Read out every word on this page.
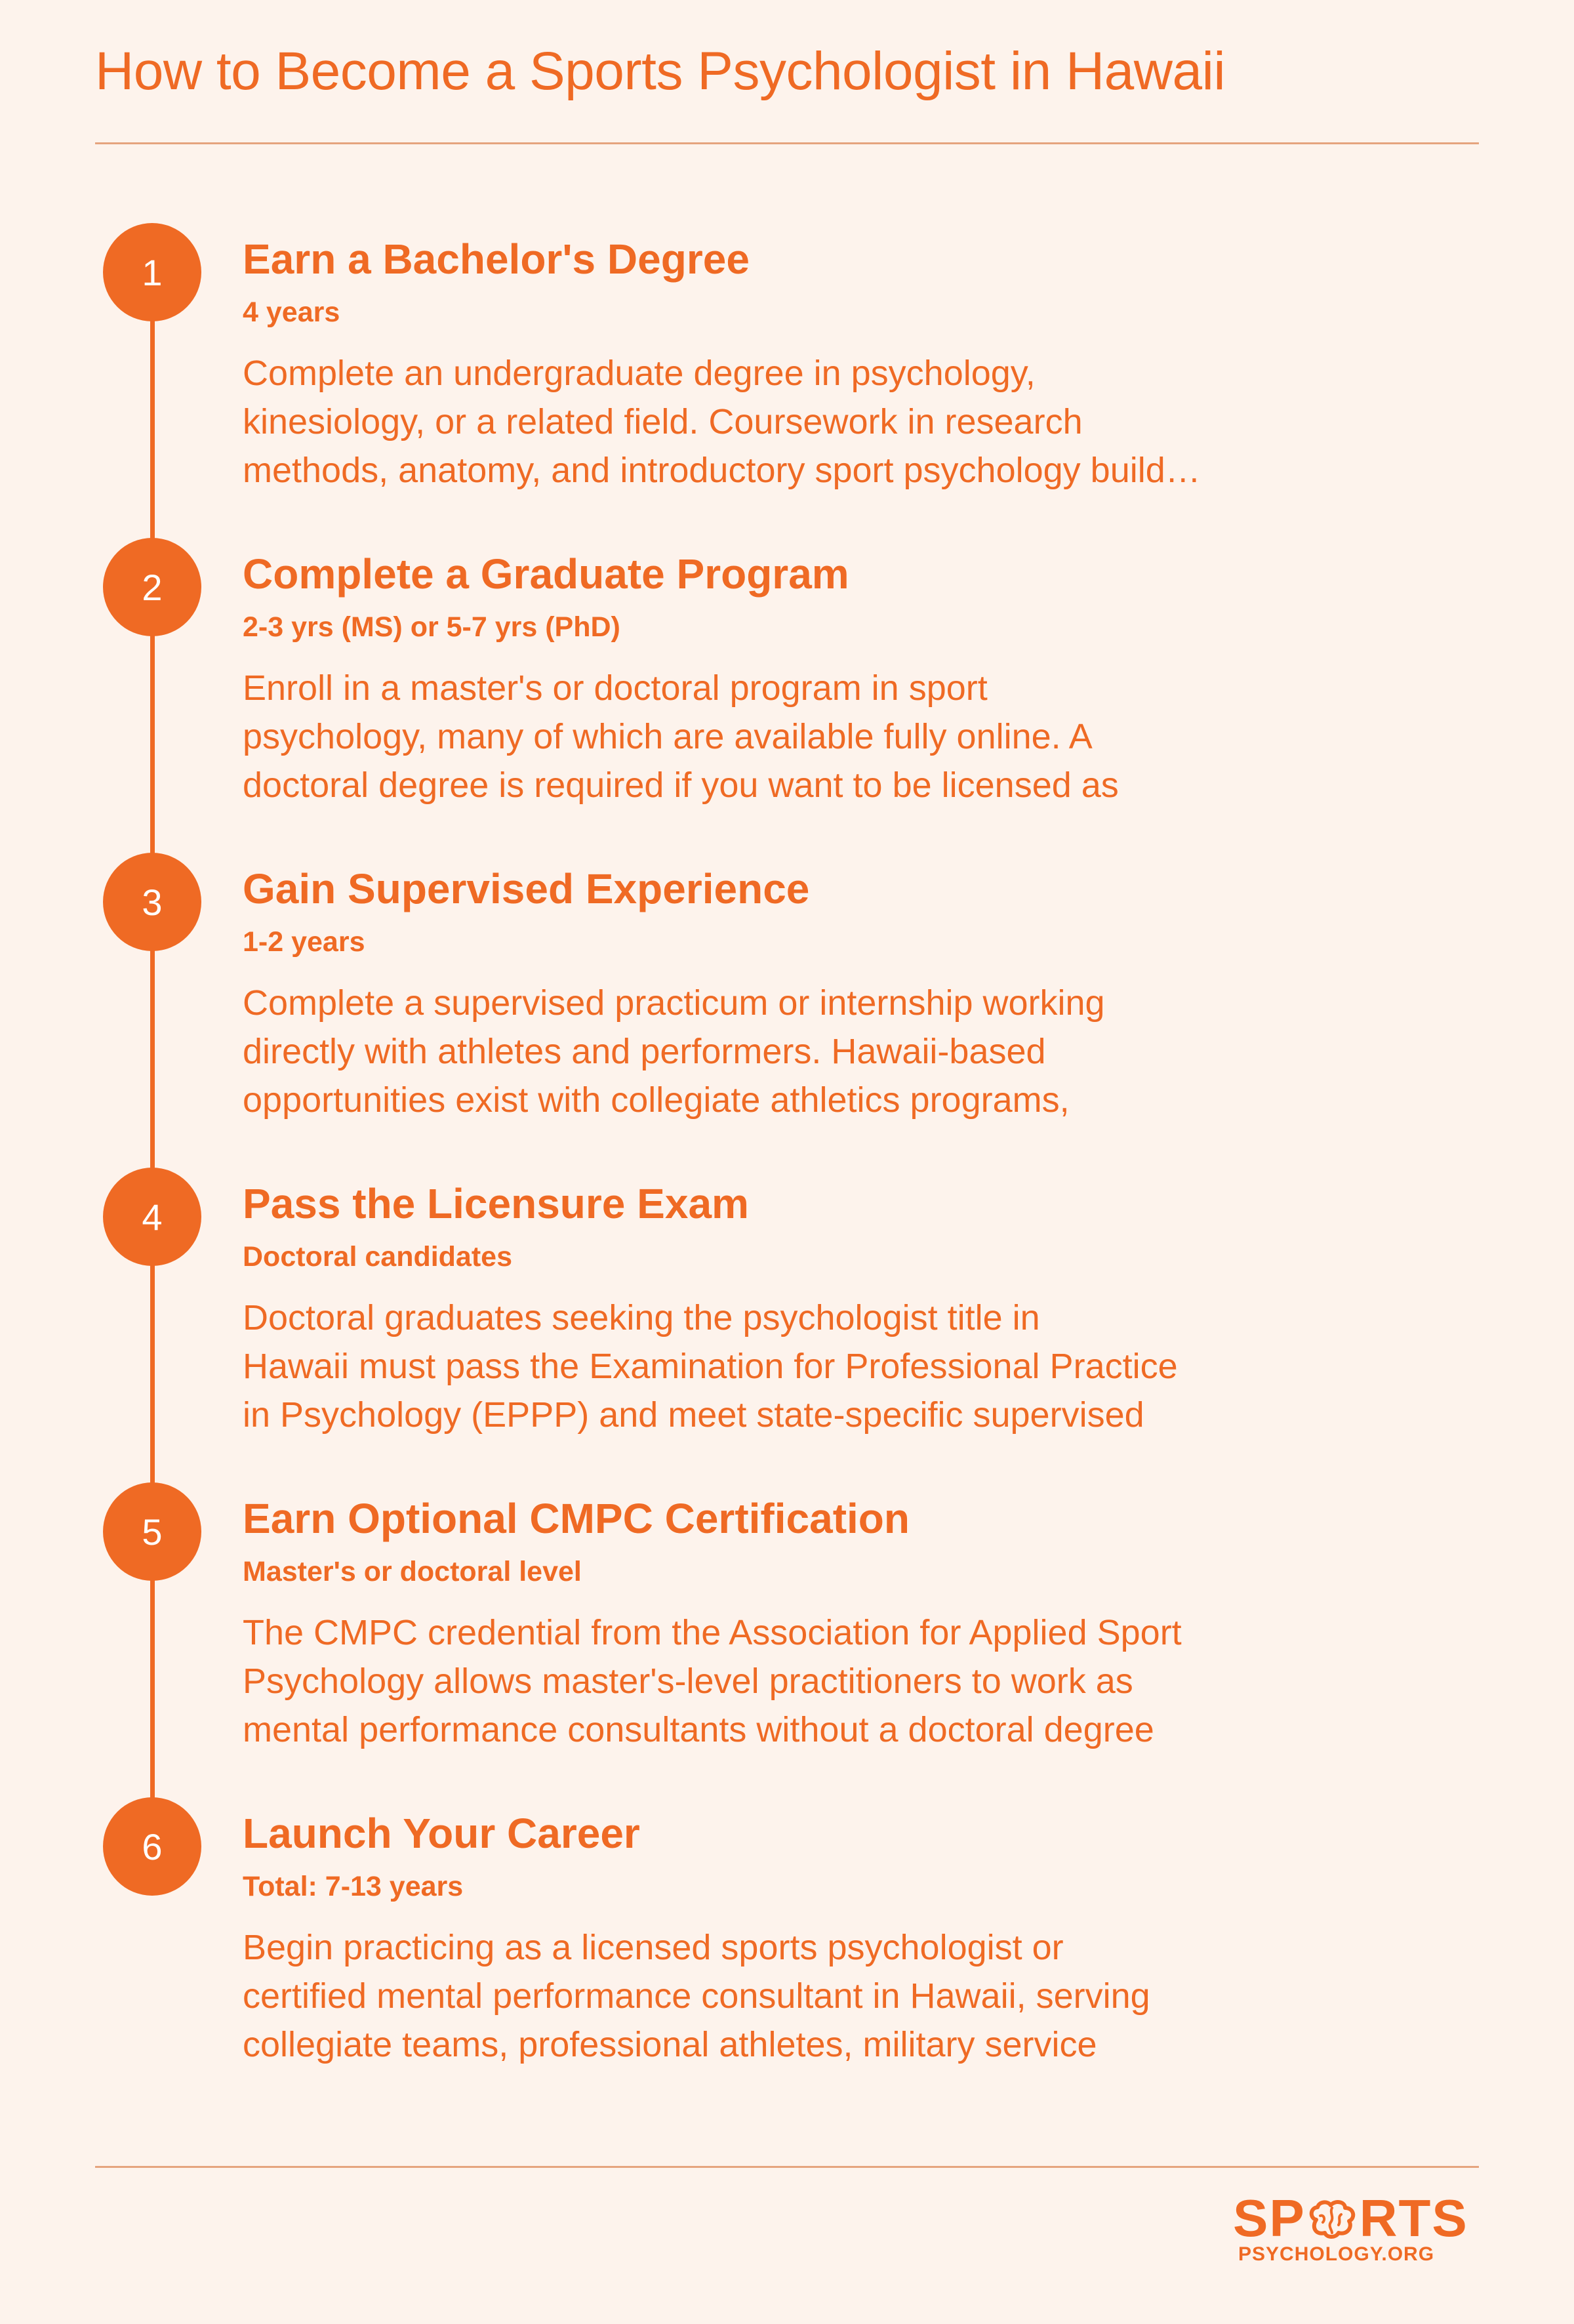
How to Become a Sports Psychologist in Hawaii
1	Earn a Bachelor's Degree
4 years

Complete an undergraduate degree in psychology,
kinesiology, or a related field. Coursework in research
methods, anatomy, and introductory sport psychology build…

2	Complete a Graduate Program
2-3 yrs (MS) or 5-7 yrs (PhD)

Enroll in a master's or doctoral program in sport
psychology, many of which are available fully online. A
doctoral degree is required if you want to be licensed as

3	Gain Supervised Experience
1-2 years

Complete a supervised practicum or internship working
directly with athletes and performers. Hawaii-based
opportunities exist with collegiate athletics programs,

4	Pass the Licensure Exam
Doctoral candidates

Doctoral graduates seeking the psychologist title in
Hawaii must pass the Examination for Professional Practice
in Psychology (EPPP) and meet state-specific supervised

5	Earn Optional CMPC Certification
Master's or doctoral level

The CMPC credential from the Association for Applied Sport
Psychology allows master's-level practitioners to work as
mental performance consultants without a doctoral degree

6	Launch Your Career
Total: 7-13 years

Begin practicing as a licensed sports psychologist or
certified mental performance consultant in Hawaii, serving
collegiate teams, professional athletes, military service

SP RTS
PSYCHOLOGY.ORG
